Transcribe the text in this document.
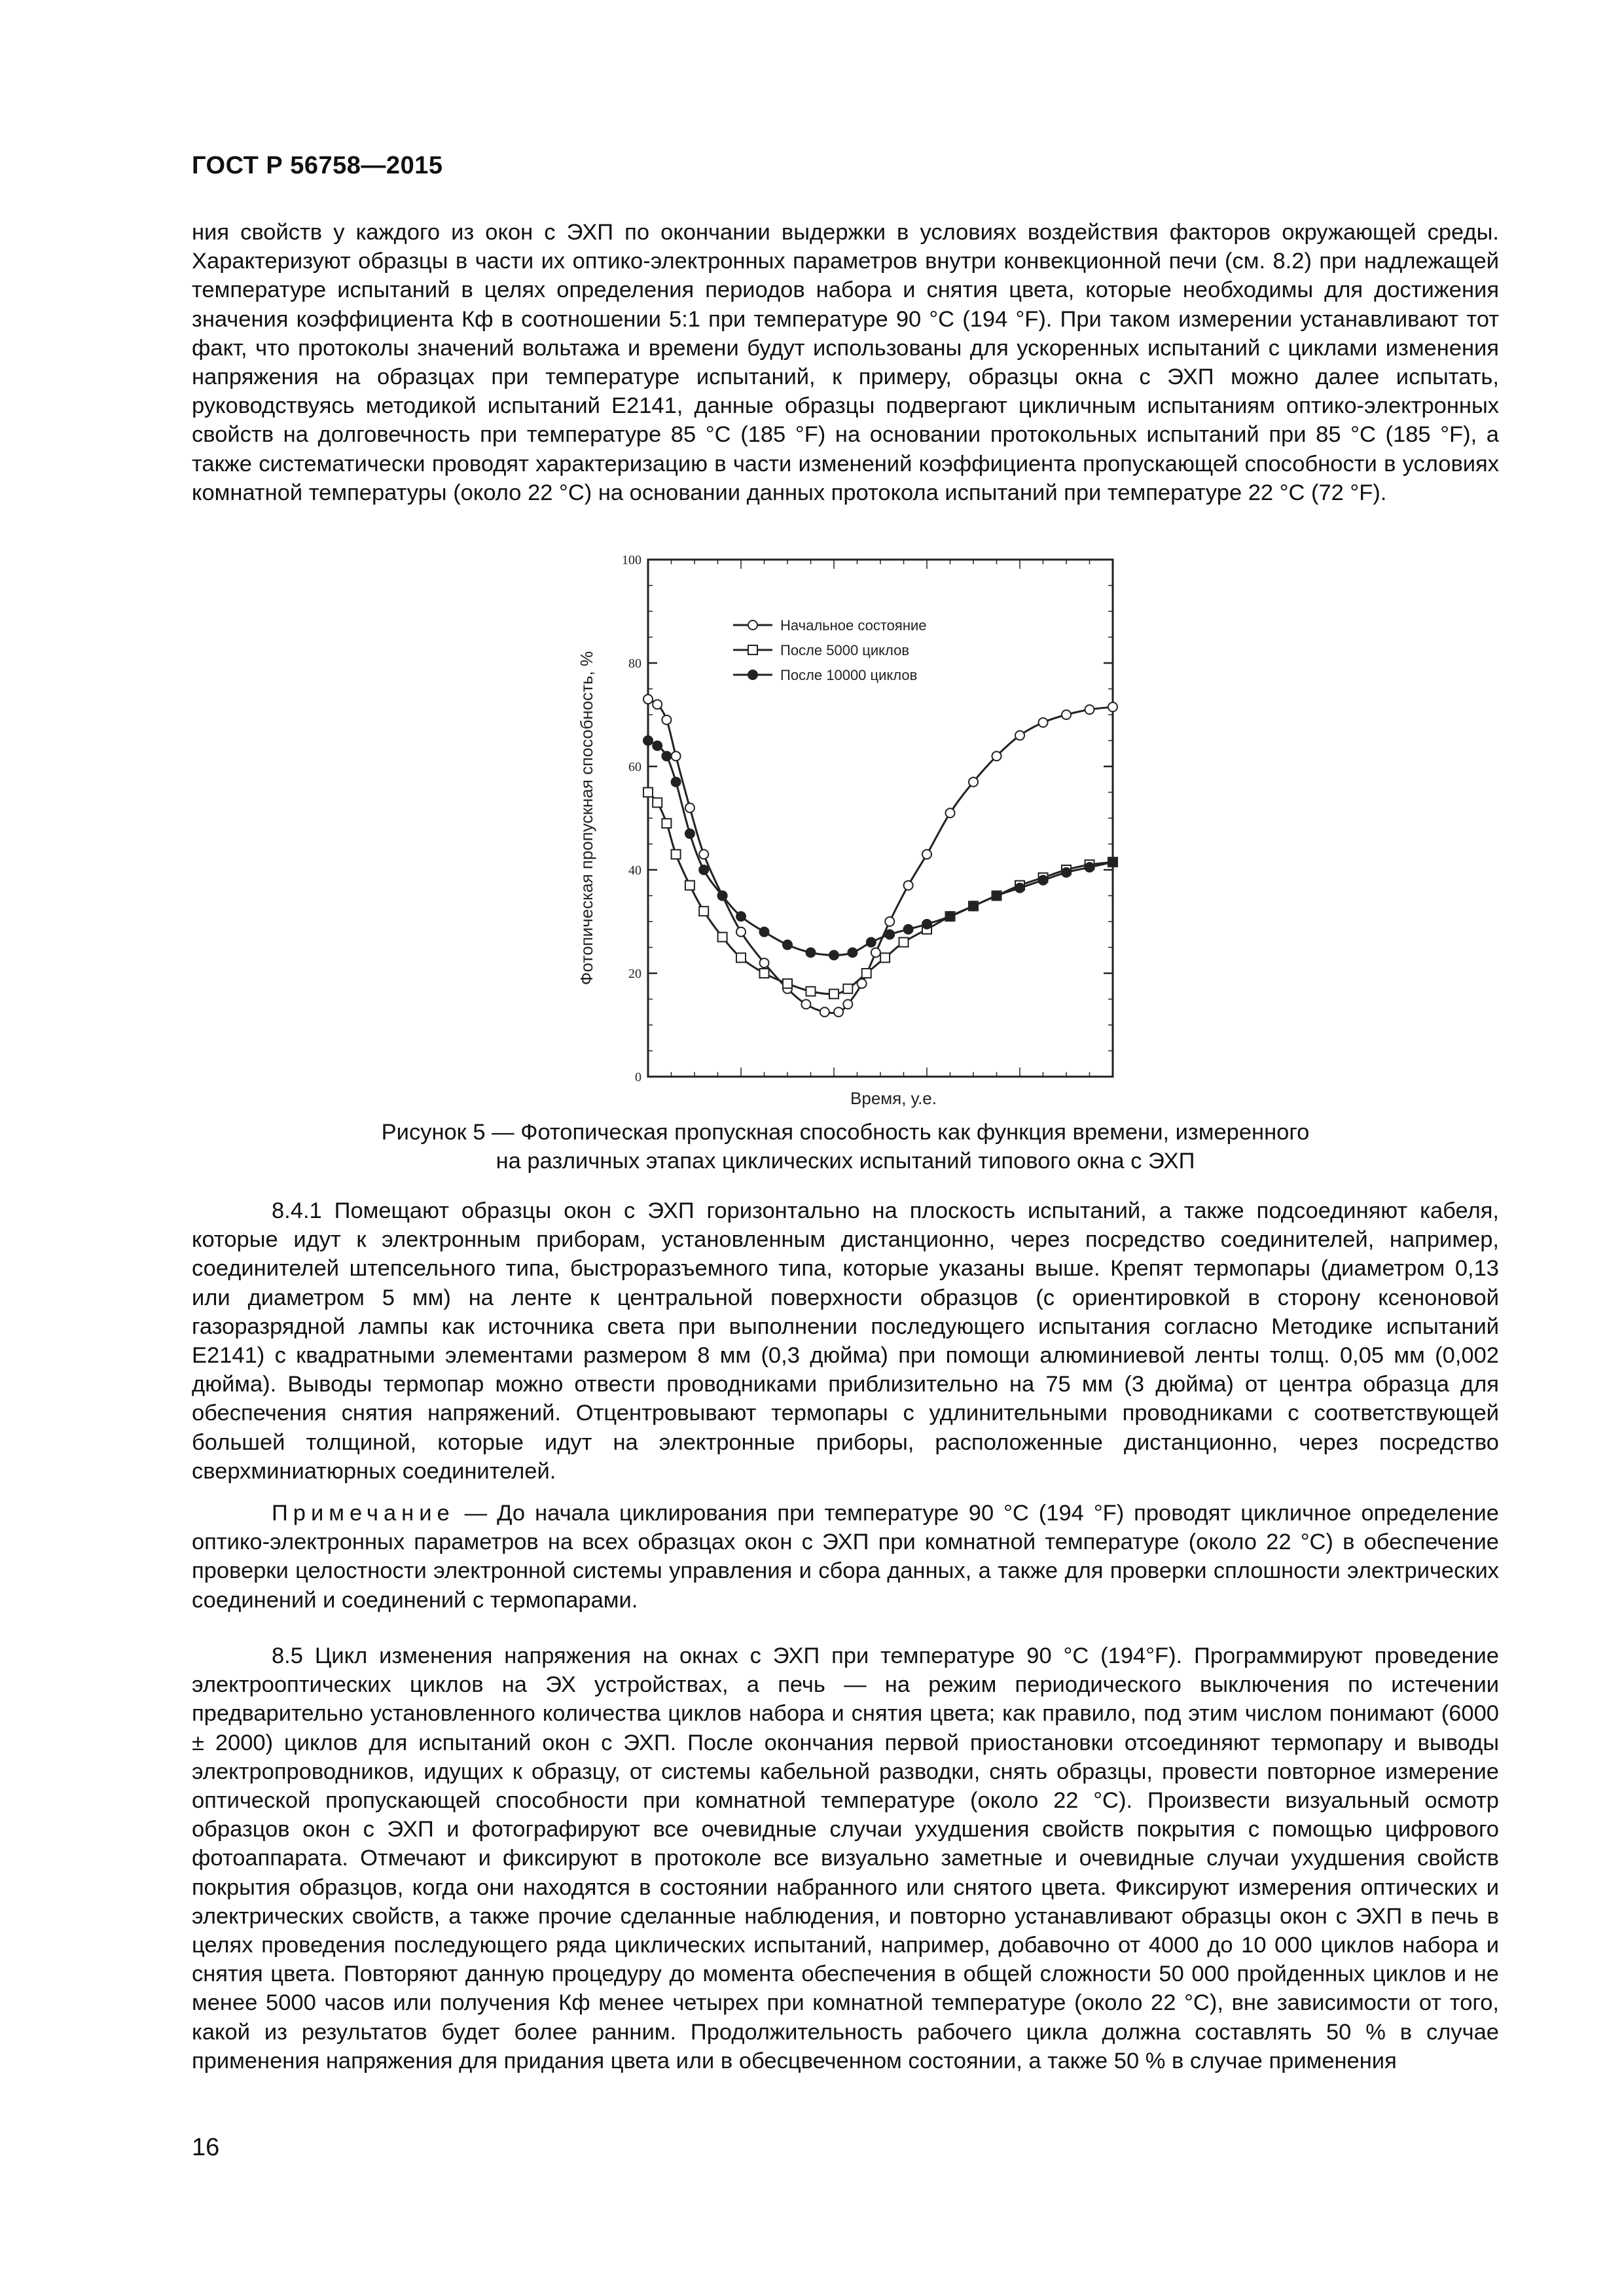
ГОСТ Р 56758—2015
ния свойств у каждого из окон с ЭХП по окончании выдержки в условиях воздействия факторов окружающей среды. Характеризуют образцы в части их оптико-электронных параметров внутри конвекционной печи (см. 8.2) при надлежащей температуре испытаний в целях определения периодов набора и снятия цвета, которые необходимы для достижения значения коэффициента Кф в соотношении 5:1 при температуре 90 °С (194 °F). При таком измерении устанавливают тот факт, что протоколы значений вольтажа и времени будут использованы для ускоренных испытаний с циклами изменения напряжения на образцах при температуре испытаний, к примеру, образцы окна с ЭХП можно далее испытать, руководствуясь методикой испытаний Е2141, данные образцы подвергают цикличным испытаниям оптико-электронных свойств на долговечность при температуре 85 °С (185 °F) на основании протокольных испытаний при 85 °С (185 °F), а также систематически проводят характеризацию в части изменений коэффициента пропускающей способности в условиях комнатной температуры (около 22 °С) на основании данных протокола испытаний при температуре 22 °С (72 °F).
0
20
40
60
80
100
Фотопическая пропускная способность, %
Время, у.е.
Начальное состояние
После 5000 циклов
После 10000 циклов
Рисунок 5 — Фотопическая пропускная способность как функция времени, измеренного
на различных этапах циклических испытаний типового окна с ЭХП
8.4.1 Помещают образцы окон с ЭХП горизонтально на плоскость испытаний, а также подсоединяют кабеля, которые идут к электронным приборам, установленным дистанционно, через посредство соединителей, например, соединителей штепсельного типа, быстроразъемного типа, которые указаны выше. Крепят термопары (диаметром 0,13 или диаметром 5 мм) на ленте к центральной поверхности образцов (с ориентировкой в сторону ксеноновой газоразрядной лампы как источника света при выполнении последующего испытания согласно Методике испытаний Е2141) с квадратными элементами размером 8 мм (0,3 дюйма) при помощи алюминиевой ленты толщ. 0,05 мм (0,002 дюйма). Выводы термопар можно отвести проводниками приблизительно на 75 мм (3 дюйма) от центра образца для обеспечения снятия напряжений. Отцентровывают термопары с удлинительными проводниками с соответствующей большей толщиной, которые идут на электронные приборы, расположенные дистанционно, через посредство сверхминиатюрных соединителей.
Примечание — До начала циклирования при температуре 90 °С (194 °F) проводят цикличное определение оптико-электронных параметров на всех образцах окон с ЭХП при комнатной температуре (около 22 °С) в обеспечение проверки целостности электронной системы управления и сбора данных, а также для проверки сплошности электрических соединений и соединений с термопарами.
8.5 Цикл изменения напряжения на окнах с ЭХП при температуре 90 °С (194°F). Программируют проведение электрооптических циклов на ЭХ устройствах, а печь — на режим периодического выключения по истечении предварительно установленного количества циклов набора и снятия цвета; как правило, под этим числом понимают (6000 ± 2000) циклов для испытаний окон с ЭХП. После окончания первой приостановки отсоединяют термопару и выводы электропроводников, идущих к образцу, от системы кабельной разводки, снять образцы, провести повторное измерение оптической пропускающей способности при комнатной температуре (около 22 °С). Произвести визуальный осмотр образцов окон с ЭХП и фотографируют все очевидные случаи ухудшения свойств покрытия с помощью цифрового фотоаппарата. Отмечают и фиксируют в протоколе все визуально заметные и очевидные случаи ухудшения свойств покрытия образцов, когда они находятся в состоянии набранного или снятого цвета. Фиксируют измерения оптических и электрических свойств, а также прочие сделанные наблюдения, и повторно устанавливают образцы окон с ЭХП в печь в целях проведения последующего ряда циклических испытаний, например, добавочно от 4000 до 10 000 циклов набора и снятия цвета. Повторяют данную процедуру до момента обеспечения в общей сложности 50 000 пройденных циклов и не менее 5000 часов или получения Кф менее четырех при комнатной температуре (около 22 °С), вне зависимости от того, какой из результатов будет более ранним. Продолжительность рабочего цикла должна составлять 50 % в случае применения напряжения для придания цвета или в обесцвеченном состоянии, а также 50 % в случае применения
16
